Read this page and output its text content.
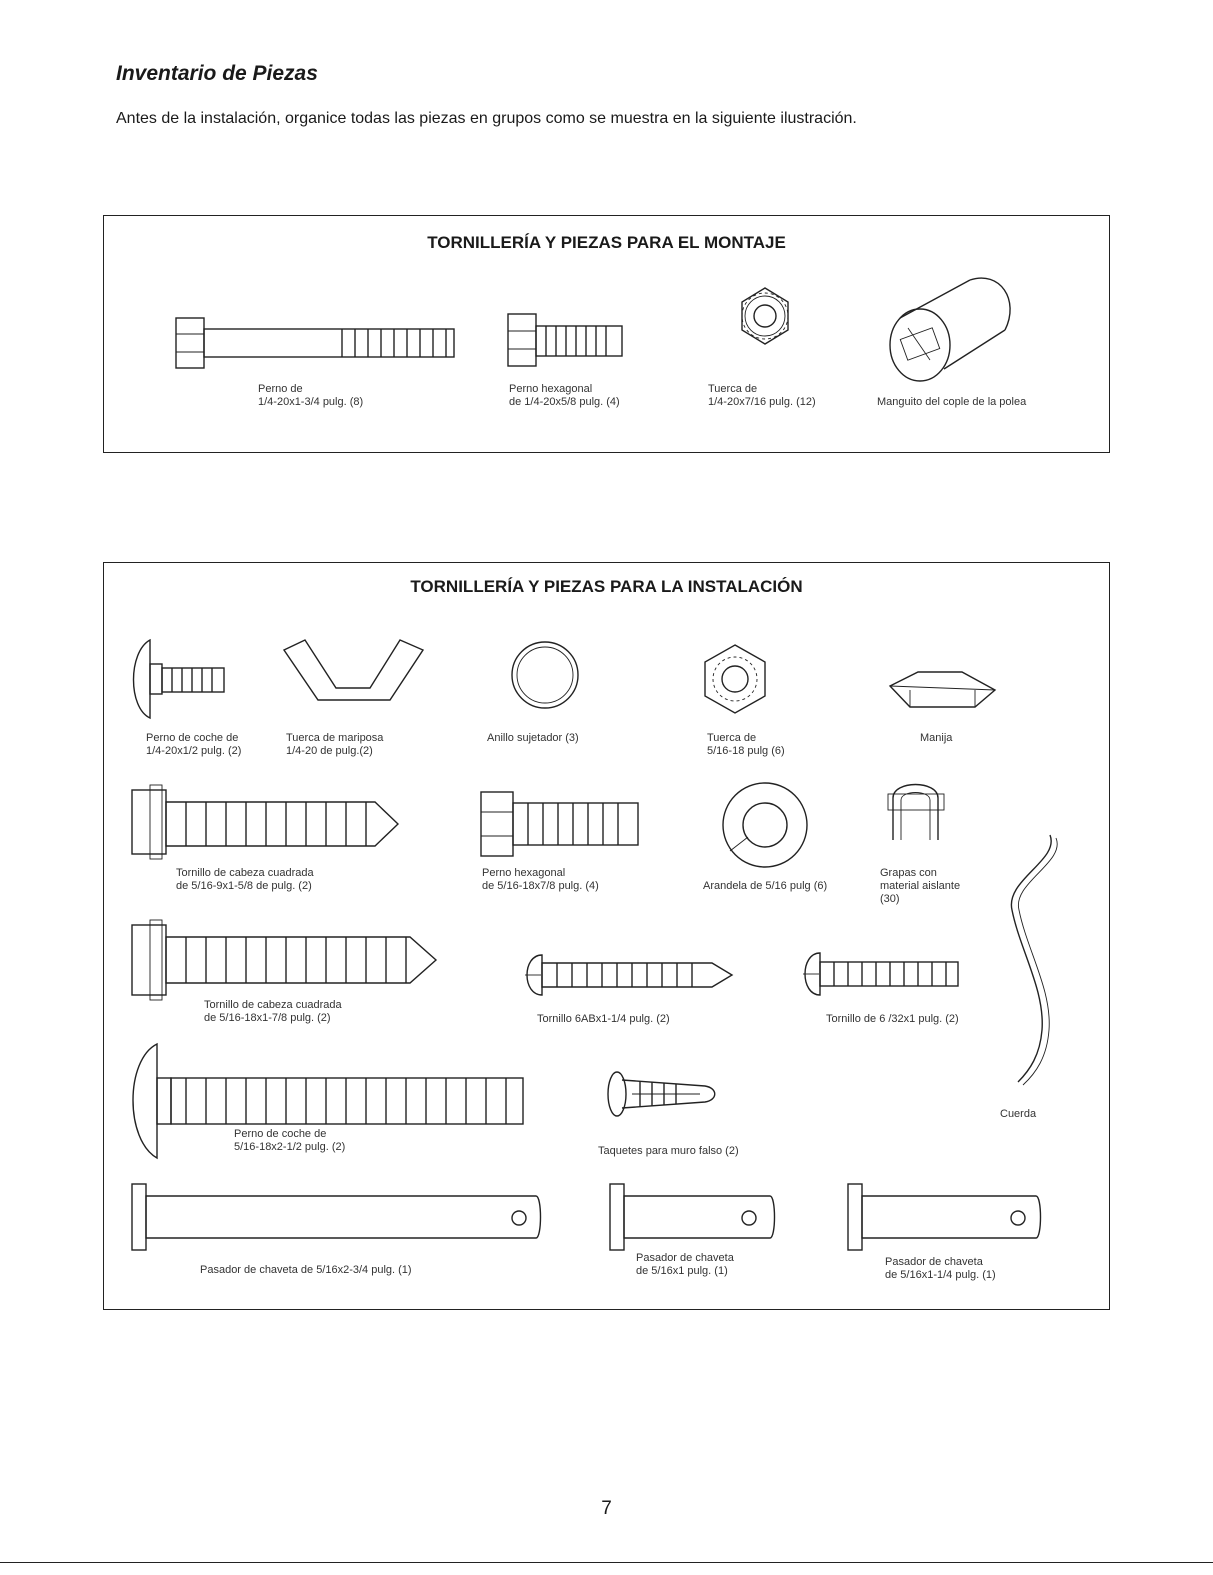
Inventario de Piezas
Antes de la instalación, organice todas las piezas en grupos como se muestra en la siguiente ilustración.
TORNILLERÍA Y PIEZAS PARA EL MONTAJE
Perno de
1/4-20x1-3/4 pulg. (8)
Perno hexagonal
de 1/4-20x5/8 pulg. (4)
Tuerca de
1/4-20x7/16 pulg. (12)	Manguito del cople de la polea
TORNILLERÍA Y PIEZAS PARA LA INSTALACIÓN
Perno de coche de
1/4-20x1/2 pulg. (2)
Tuerca de mariposa
1/4-20 de pulg.(2)
Anillo sujetador (3)	Tuerca de
5/16-18 pulg (6)
Manija
Tornillo de cabeza cuadrada
de 5/16-9x1-5/8 de pulg. (2)
Perno hexagonal
de 5/16-18x7/8 pulg. (4)	Arandela de 5/16 pulg (6)
Grapas con
material aislante
(30)
Tornillo de cabeza cuadrada
de 5/16-18x1-7/8 pulg. (2)	Tornillo 6ABx1-1/4 pulg. (2)	Tornillo de 6 /32x1 pulg. (2)
Perno de coche de
5/16-18x2-1/2 pulg. (2)	Taquetes para muro falso (2)
Cuerda
Pasador de chaveta de 5/16x2-3/4 pulg. (1)
Pasador de chaveta
de 5/16x1 pulg. (1)
Pasador de chaveta
de 5/16x1-1/4 pulg. (1)
7
